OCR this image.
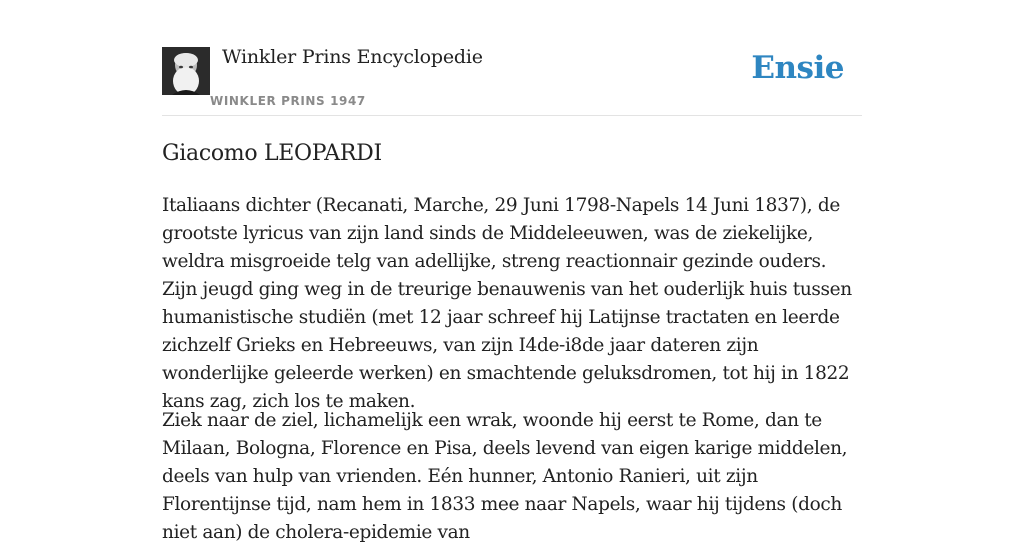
Winkler Prins Encyclopedie
WINKLER PRINS 1947
Ensie
Giacomo LEOPARDI

Italiaans dichter (Recanati, Marche, 29 Juni 1798-Napels 14 Juni 1837), de grootste lyricus van zijn land sinds de Middeleeuwen, was de ziekelijke, weldra misgroeide telg van adellijke, streng reactionnair gezinde ouders. Zijn jeugd ging weg in de treurige benauwenis van het ouderlijk huis tussen humanistische studiën (met 12 jaar schreef hij Latijnse tractaten en leerde zichzelf Grieks en Hebreeuws, van zijn I4de-i8de jaar dateren zijn wonderlijke geleerde werken) en smachtende geluksdromen, tot hij in 1822 kans zag, zich los te maken.

Ziek naar de ziel, lichamelijk een wrak, woonde hij eerst te Rome, dan te Milaan, Bologna, Florence en Pisa, deels levend van eigen karige middelen, deels van hulp van vrienden. Eén hunner, Antonio Ranieri, uit zijn Florentijnse tijd, nam hem in 1833 mee naar Napels, waar hij tijdens (doch niet aan) de cholera-epidemie van
